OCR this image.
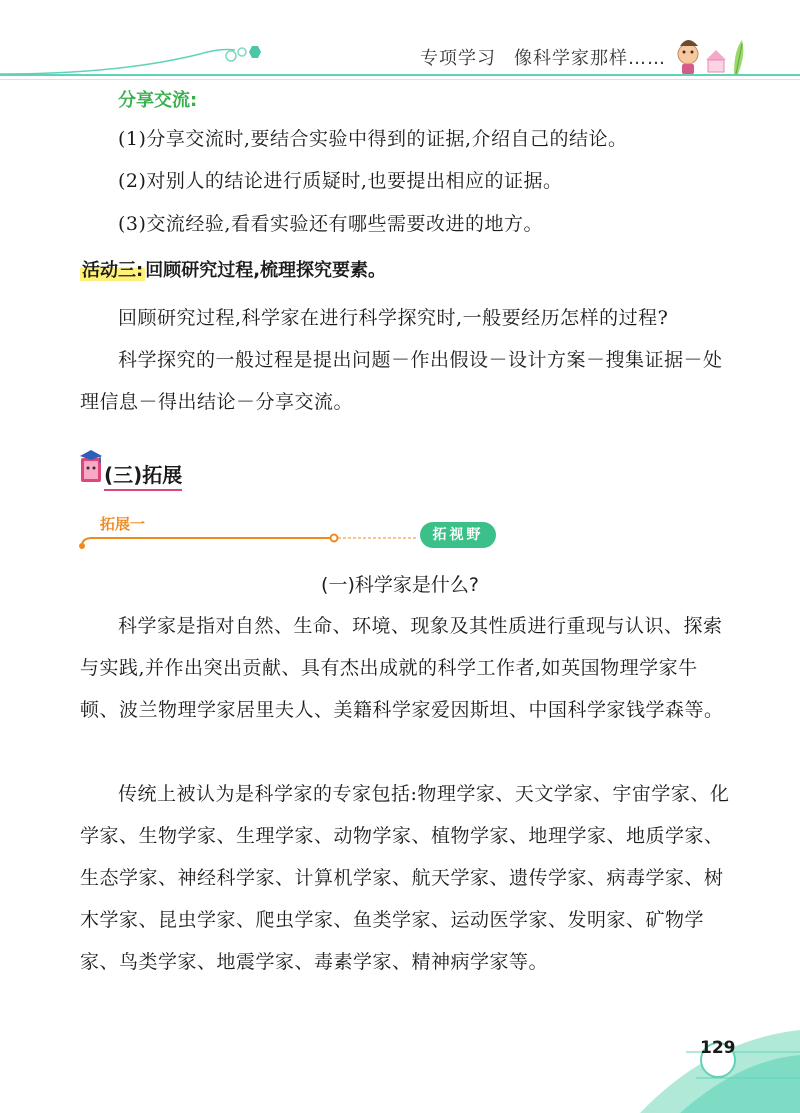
专项学习 像科学家那样……
分享交流:
(1)分享交流时,要结合实验中得到的证据,介绍自己的结论。
(2)对别人的结论进行质疑时,也要提出相应的证据。
(3)交流经验,看看实验还有哪些需要改进的地方。
活动三: 回顾研究过程,梳理探究要素。
回顾研究过程,科学家在进行科学探究时,一般要经历怎样的过程?
科学探究的一般过程是提出问题－作出假设－设计方案－搜集证据－处理信息－得出结论－分享交流。
(三)拓展
拓展一
拓视野
(一)科学家是什么?
科学家是指对自然、生命、环境、现象及其性质进行重现与认识、探索与实践,并作出突出贡献、具有杰出成就的科学工作者,如英国物理学家牛顿、波兰物理学家居里夫人、美籍科学家爱因斯坦、中国科学家钱学森等。
传统上被认为是科学家的专家包括:物理学家、天文学家、宇宙学家、化学家、生物学家、生理学家、动物学家、植物学家、地理学家、地质学家、生态学家、神经科学家、计算机学家、航天学家、遗传学家、病毒学家、树木学家、昆虫学家、爬虫学家、鱼类学家、运动医学家、发明家、矿物学家、鸟类学家、地震学家、毒素学家、精神病学家等。
129
